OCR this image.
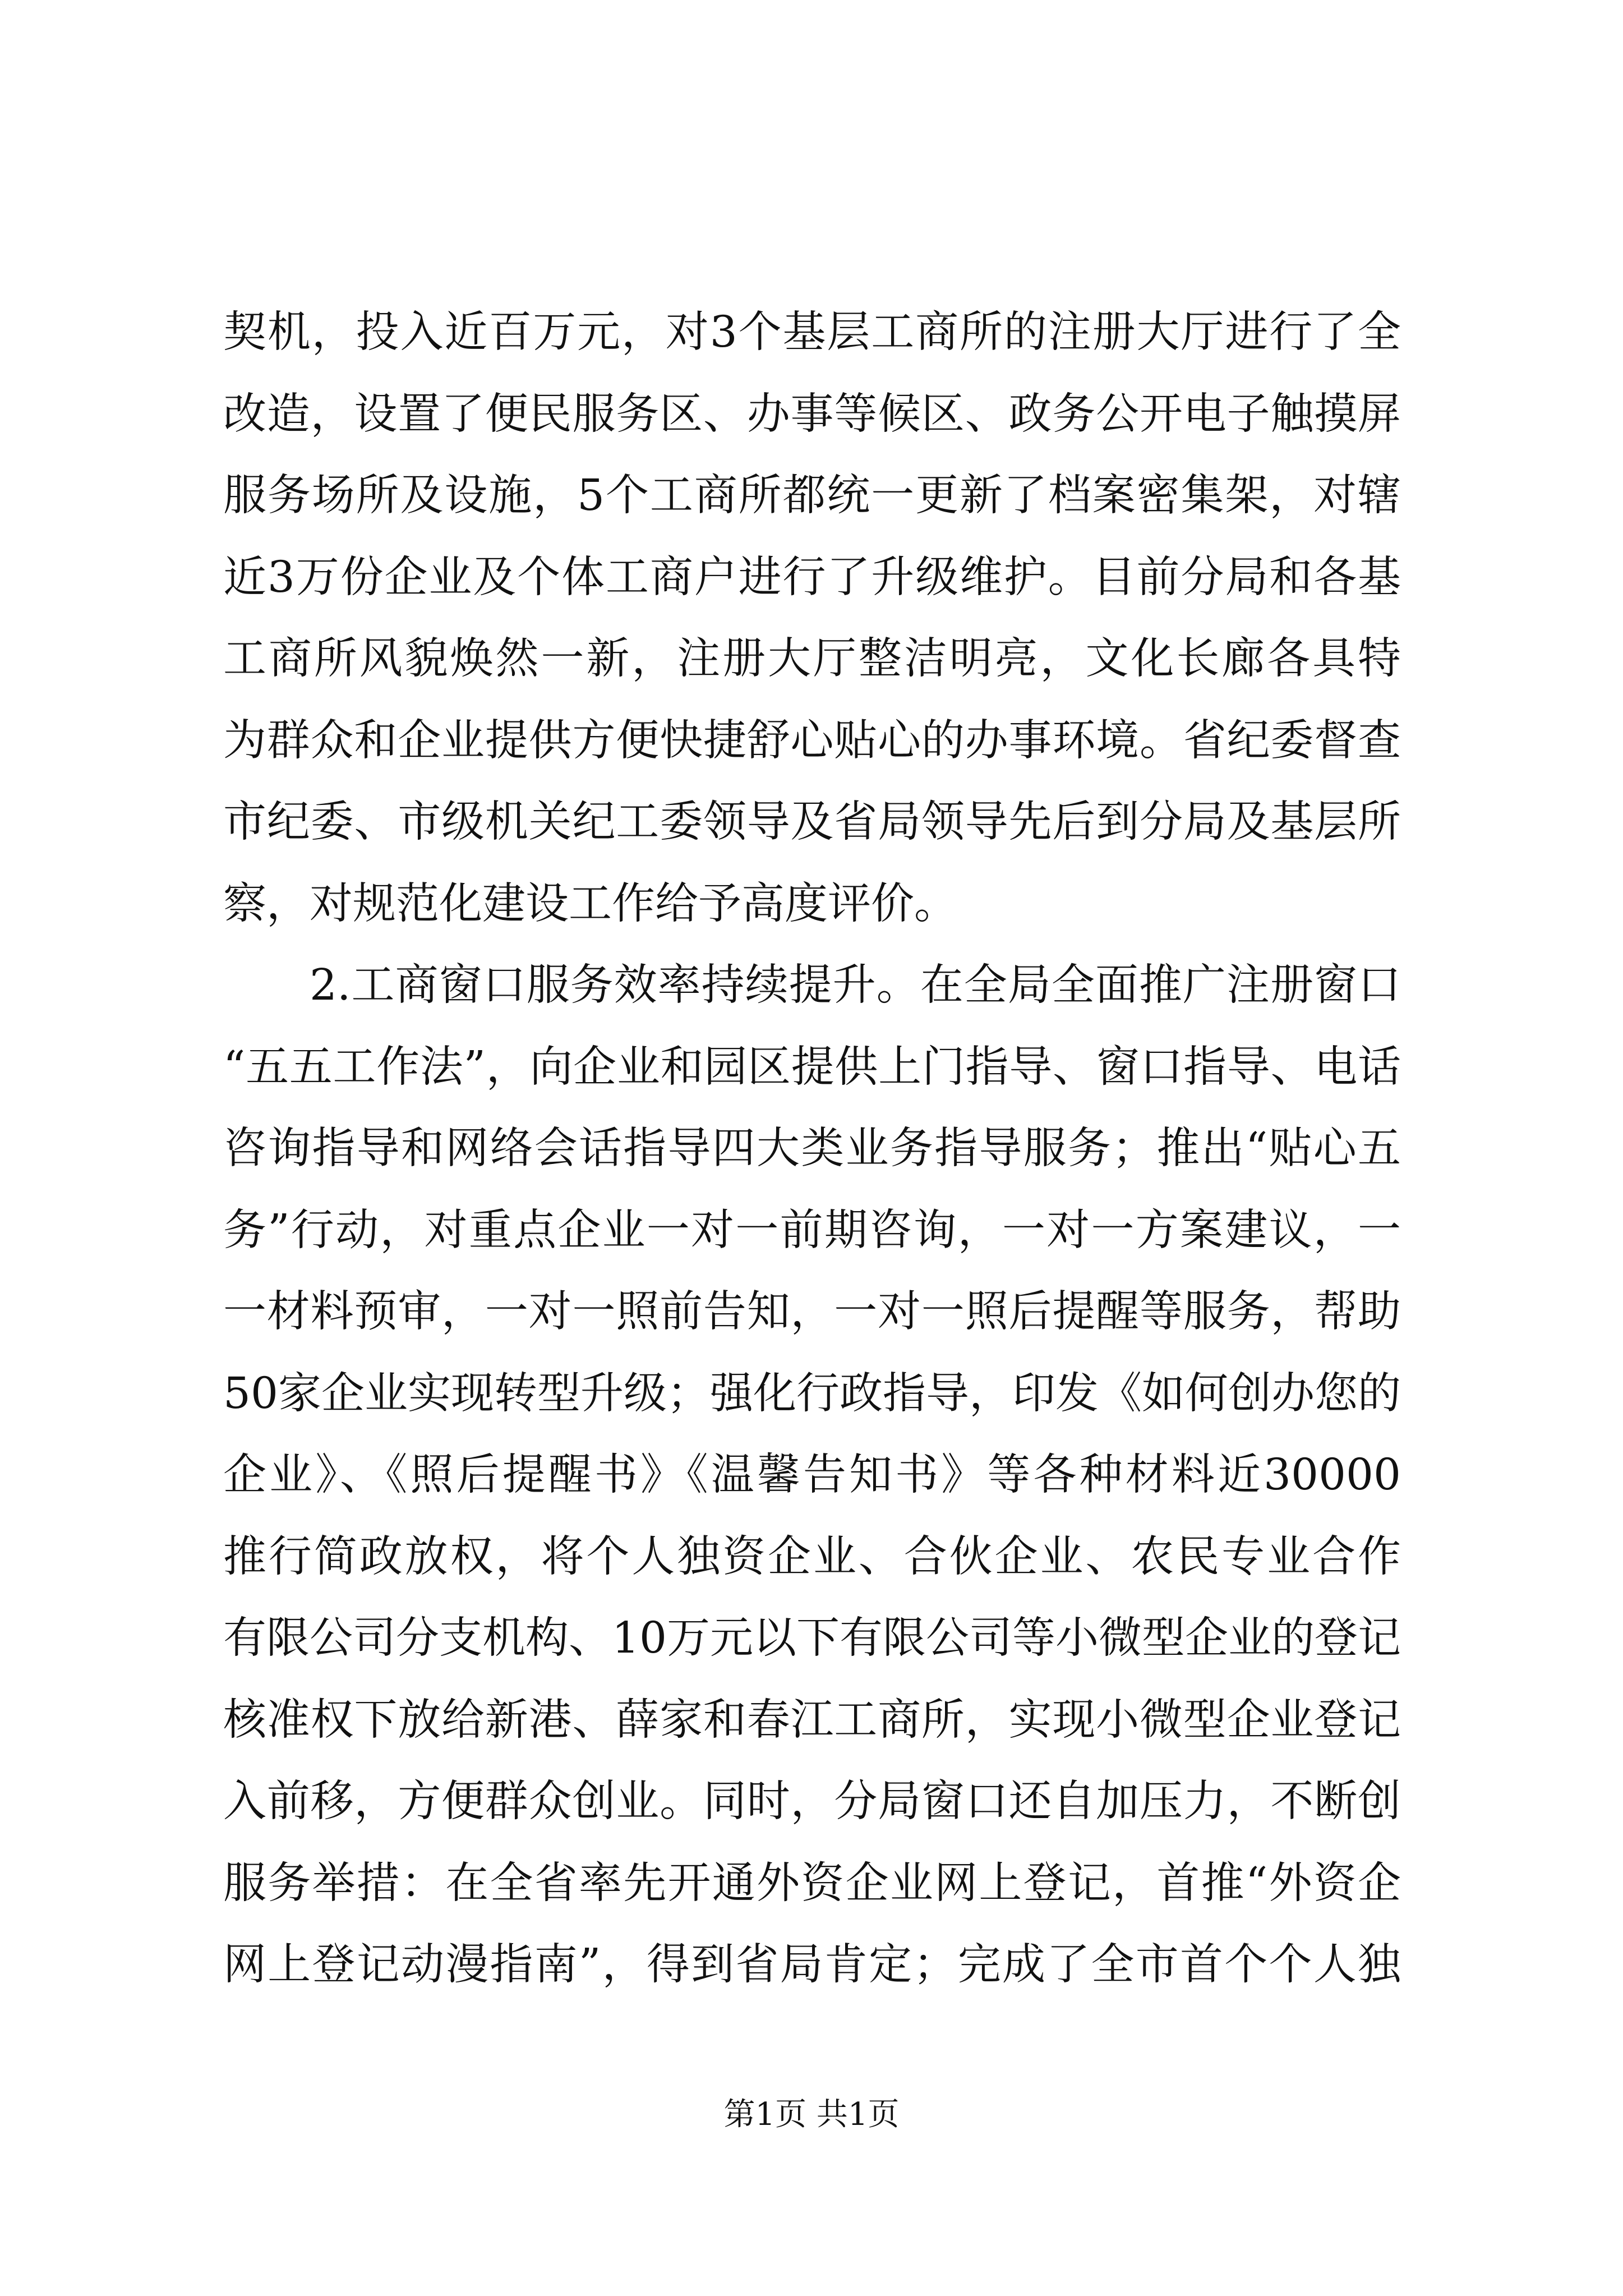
契机，投入近百万元，对3个基层工商所的注册大厅进行了全
改造，设置了便民服务区、办事等候区、政务公开电子触摸屏
服务场所及设施，5个工商所都统一更新了档案密集架，对辖
近3万份企业及个体工商户进行了升级维护。目前分局和各基
工商所风貌焕然一新，注册大厅整洁明亮，文化长廊各具特
为群众和企业提供方便快捷舒心贴心的办事环境。省纪委督查
市纪委、市级机关纪工委领导及省局领导先后到分局及基层所
察，对规范化建设工作给予高度评价。
2.工商窗口服务效率持续提升。在全局全面推广注册窗口
“五五工作法”，向企业和园区提供上门指导、窗口指导、电话
咨询指导和网络会话指导四大类业务指导服务；推出“贴心五
务”行动，对重点企业一对一前期咨询，一对一方案建议，一
一材料预审，一对一照前告知，一对一照后提醒等服务，帮助
50家企业实现转型升级；强化行政指导，印发《如何创办您的
企业》、《照后提醒书》《温馨告知书》等各种材料近30000
推行简政放权，将个人独资企业、合伙企业、农民专业合作
有限公司分支机构、10万元以下有限公司等小微型企业的登记
核准权下放给新港、薛家和春江工商所，实现小微型企业登记
入前移，方便群众创业。同时，分局窗口还自加压力，不断创
服务举措：在全省率先开通外资企业网上登记，首推“外资企
网上登记动漫指南”，得到省局肯定；完成了全市首个个人独
第1页 共1页
